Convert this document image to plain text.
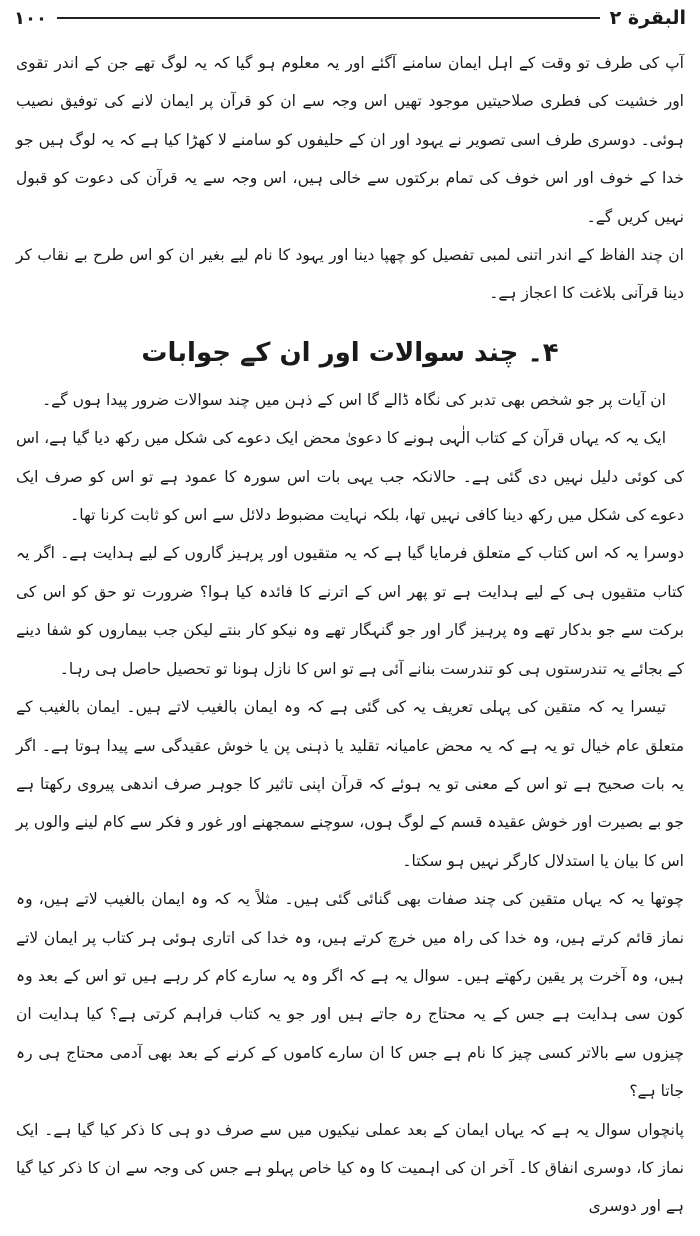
البقرة ۲
۱۰۰

آپ کی طرف تو وقت کے اہل ایمان سامنے آگئے اور یہ معلوم ہو گیا کہ یہ لوگ تھے جن کے اندر تقوی اور خشیت کی فطری صلاحیتیں موجود تھیں اس وجہ سے ان کو قرآن پر ایمان لانے کی توفیق نصیب ہوئی۔ دوسری طرف اسی تصویر نے یہود اور ان کے حلیفوں کو سامنے لا کھڑا کیا ہے کہ یہ لوگ ہیں جو خدا کے خوف اور اس خوف کی تمام برکتوں سے خالی ہیں، اس وجہ سے یہ قرآن کی دعوت کو قبول نہیں کریں گے۔

ان چند الفاظ کے اندر اتنی لمبی تفصیل کو چھپا دینا اور یہود کا نام لیے بغیر ان کو اس طرح بے نقاب کر دینا قرآنی بلاغت کا اعجاز ہے۔

۴۔ چند سوالات اور ان کے جوابات

ان آیات پر جو شخص بھی تدبر کی نگاہ ڈالے گا اس کے ذہن میں چند سوالات ضرور پیدا ہوں گے۔

ایک یہ کہ یہاں قرآن کے کتاب الٰہی ہونے کا دعویٰ محض ایک دعوے کی شکل میں رکھ دیا گیا ہے، اس کی کوئی دلیل نہیں دی گئی ہے۔ حالانکہ جب یہی بات اس سورہ کا عمود ہے تو اس کو صرف ایک دعوے کی شکل میں رکھ دینا کافی نہیں تھا، بلکہ نہایت مضبوط دلائل سے اس کو ثابت کرنا تھا۔

دوسرا یہ کہ اس کتاب کے متعلق فرمایا گیا ہے کہ یہ متقیوں اور پرہیز گاروں کے لیے ہدایت ہے۔ اگر یہ کتاب متقیوں ہی کے لیے ہدایت ہے تو پھر اس کے اترنے کا فائدہ کیا ہوا؟ ضرورت تو حق کو اس کی برکت سے جو بدکار تھے وہ پرہیز گار اور جو گنہگار تھے وہ نیکو کار بنتے لیکن جب بیماروں کو شفا دینے کے بجائے یہ تندرستوں ہی کو تندرست بنانے آئی ہے تو اس کا نازل ہونا تو تحصیل حاصل ہی رہا۔

تیسرا یہ کہ متقین کی پہلی تعریف یہ کی گئی ہے کہ وہ ایمان بالغیب لاتے ہیں۔ ایمان بالغیب کے متعلق عام خیال تو یہ ہے کہ یہ محض عامیانہ تقلید یا ذہنی پن یا خوش عقیدگی سے پیدا ہوتا ہے۔ اگر یہ بات صحیح ہے تو اس کے معنی تو یہ ہوئے کہ قرآن اپنی تاثیر کا جوہر صرف اندھی پیروی رکھتا ہے جو بے بصیرت اور خوش عقیدہ قسم کے لوگ ہوں، سوچنے سمجھنے اور غور و فکر سے کام لینے والوں پر اس کا بیان یا استدلال کارگر نہیں ہو سکتا۔

چوتھا یہ کہ یہاں متقین کی چند صفات بھی گنائی گئی ہیں۔ مثلاً یہ کہ وہ ایمان بالغیب لاتے ہیں، وہ نماز قائم کرتے ہیں، وہ خدا کی راہ میں خرچ کرتے ہیں، وہ خدا کی اتاری ہوئی ہر کتاب پر ایمان لاتے ہیں، وہ آخرت پر یقین رکھتے ہیں۔ سوال یہ ہے کہ اگر وہ یہ سارے کام کر رہے ہیں تو اس کے بعد وہ کون سی ہدایت ہے جس کے یہ محتاج رہ جاتے ہیں اور جو یہ کتاب فراہم کرتی ہے؟ کیا ہدایت ان چیزوں سے بالاتر کسی چیز کا نام ہے جس کا ان سارے کاموں کے کرنے کے بعد بھی آدمی محتاج ہی رہ جاتا ہے؟

پانچواں سوال یہ ہے کہ یہاں ایمان کے بعد عملی نیکیوں میں سے صرف دو ہی کا ذکر کیا گیا ہے۔ ایک نماز کا، دوسری انفاق کا۔ آخر ان کی اہمیت کا وہ کیا خاص پہلو ہے جس کی وجہ سے ان کا ذکر کیا گیا ہے اور دوسری
